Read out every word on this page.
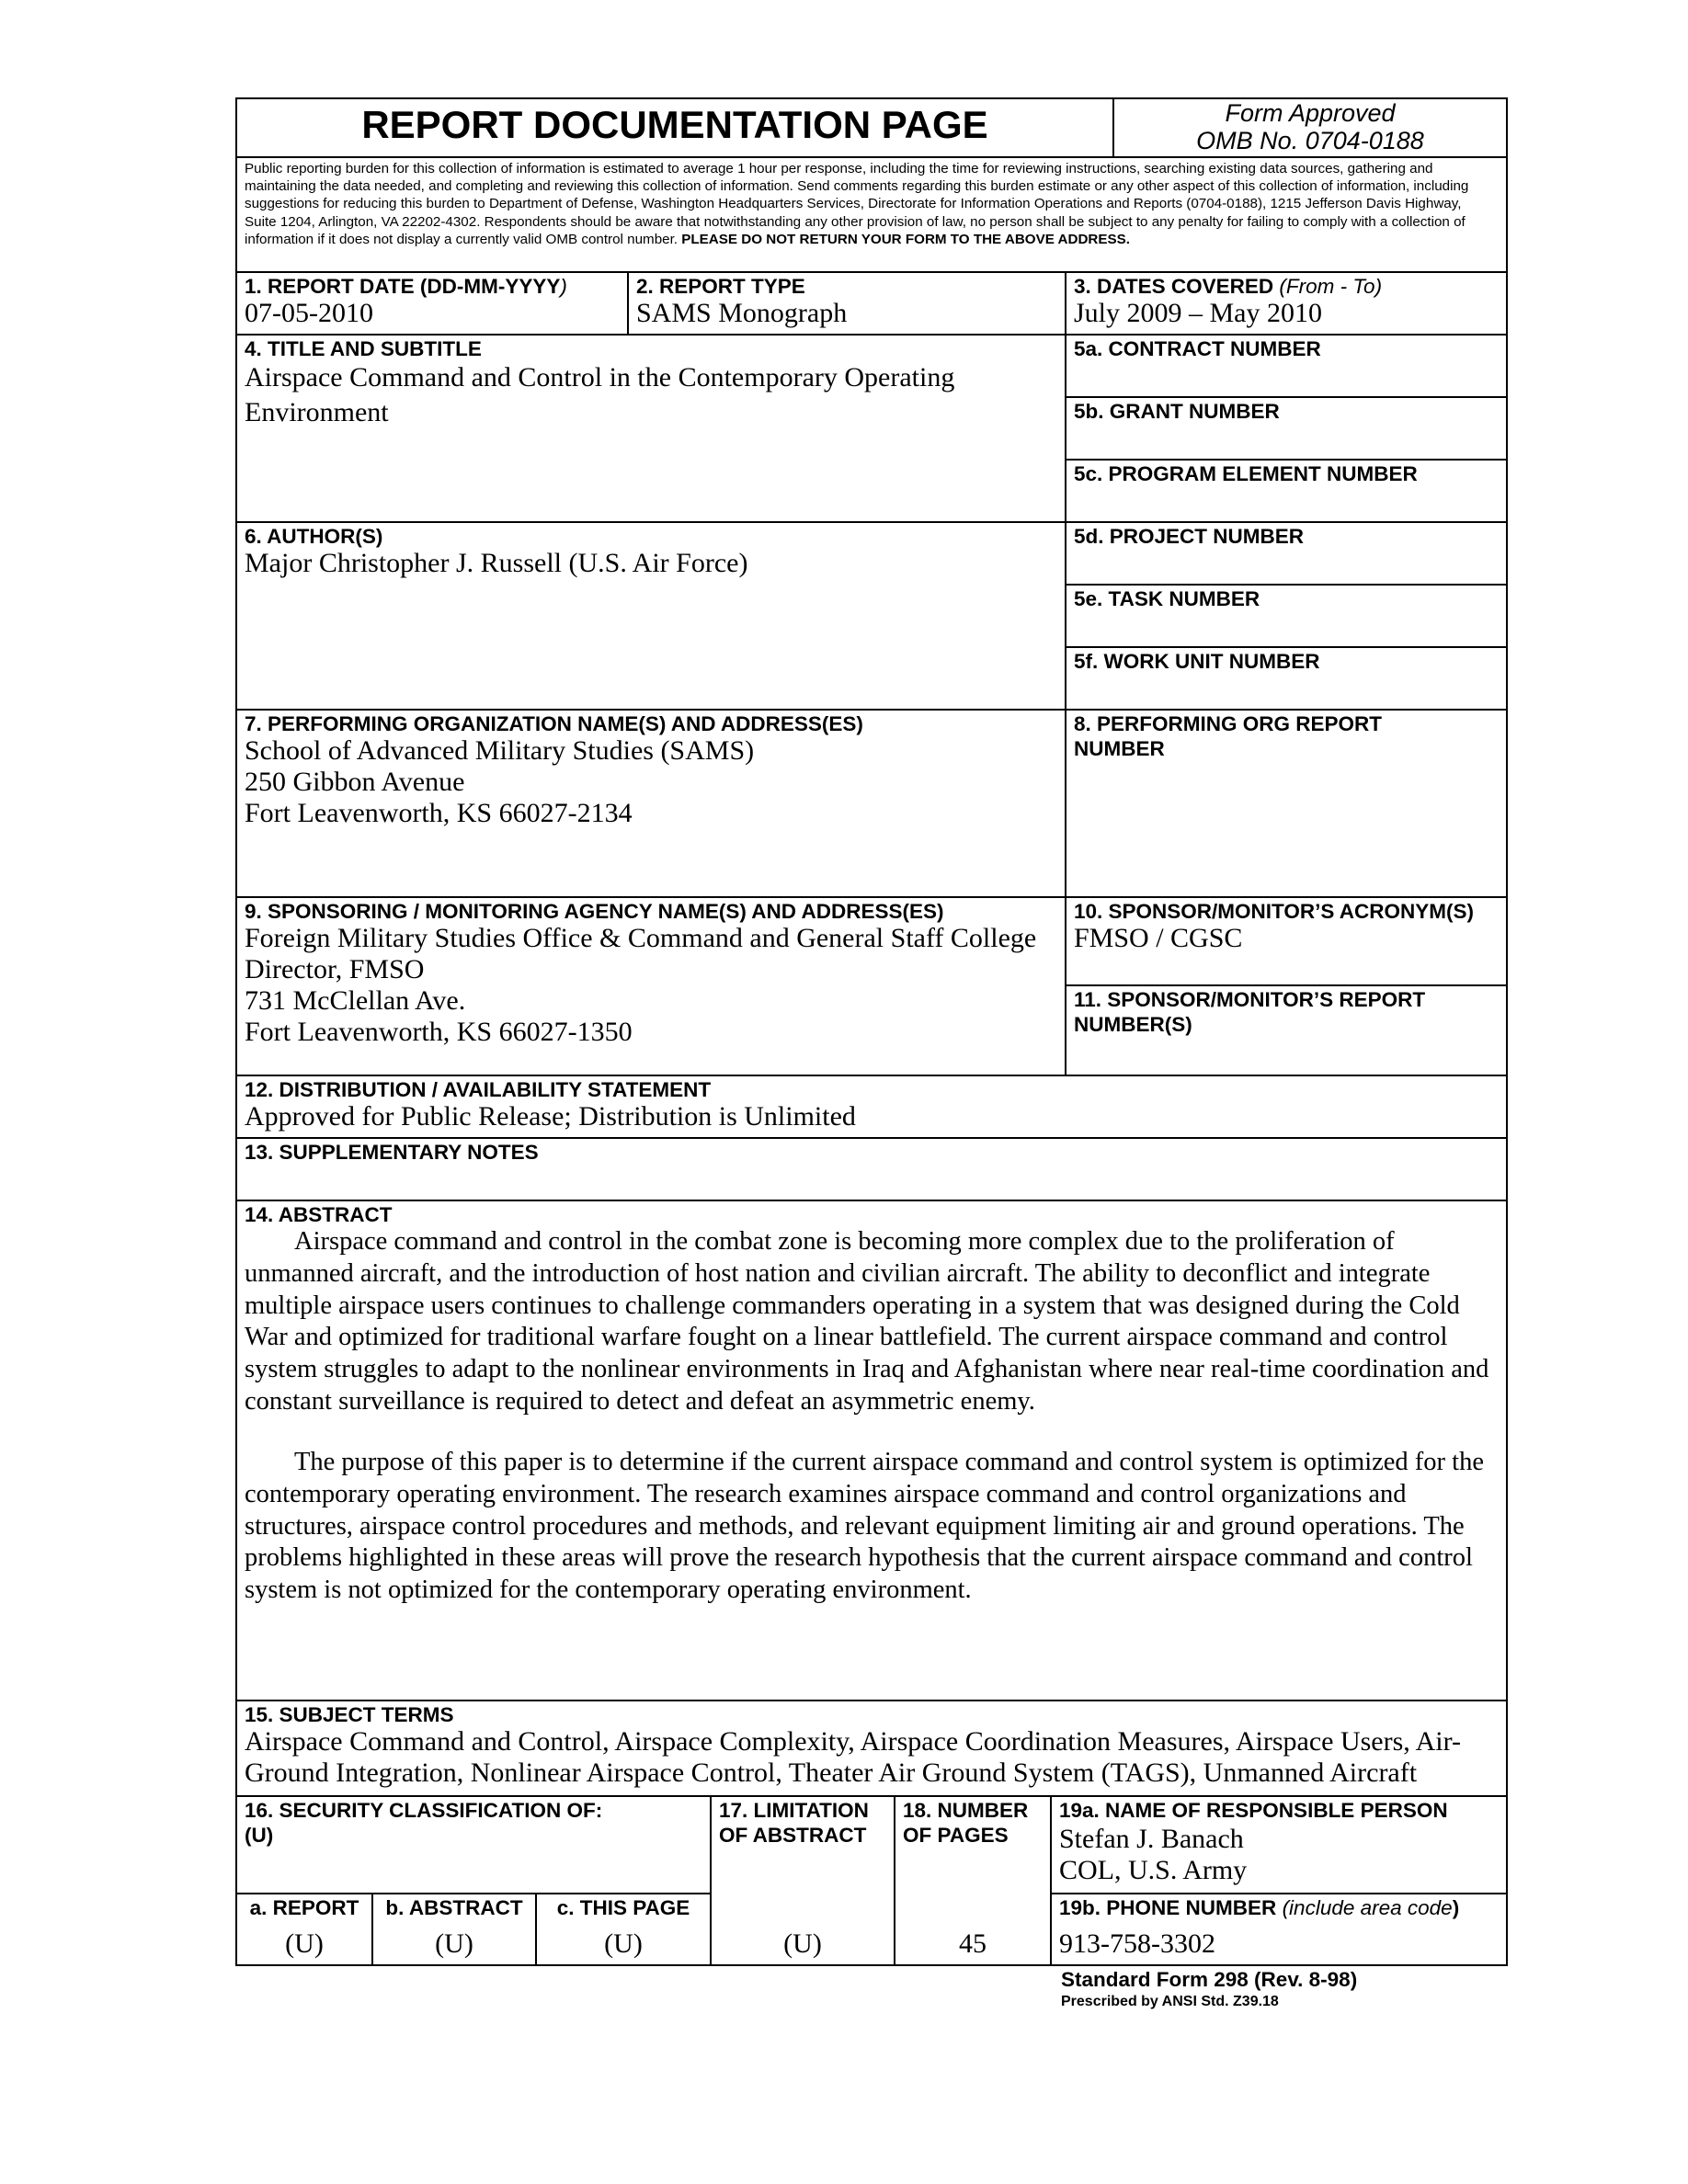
REPORT DOCUMENTATION PAGE	Form Approved
OMB No. 0704-0188
Public reporting burden for this collection of information is estimated to average 1 hour per response, including the time for reviewing instructions, searching existing data sources, gathering and maintaining the data needed, and completing and reviewing this collection of information. Send comments regarding this burden estimate or any other aspect of this collection of information, including suggestions for reducing this burden to Department of Defense, Washington Headquarters Services, Directorate for Information Operations and Reports (0704-0188), 1215 Jefferson Davis Highway, Suite 1204, Arlington, VA 22202-4302. Respondents should be aware that notwithstanding any other provision of law, no person shall be subject to any penalty for failing to comply with a collection of information if it does not display a currently valid OMB control number. PLEASE DO NOT RETURN YOUR FORM TO THE ABOVE ADDRESS.
1. REPORT DATE (DD-MM-YYYY)
07-05-2010
2. REPORT TYPE
SAMS Monograph
3. DATES COVERED (From - To)
July 2009 – May 2010
4. TITLE AND SUBTITLE
Airspace Command and Control in the Contemporary Operating
Environment
5a. CONTRACT NUMBER
5b. GRANT NUMBER
5c. PROGRAM ELEMENT NUMBER
6. AUTHOR(S)
Major Christopher J. Russell (U.S. Air Force)
5d. PROJECT NUMBER
5e. TASK NUMBER
5f. WORK UNIT NUMBER
7. PERFORMING ORGANIZATION NAME(S) AND ADDRESS(ES)
School of Advanced Military Studies (SAMS)
250 Gibbon Avenue
Fort Leavenworth, KS 66027-2134
8. PERFORMING ORG REPORT
NUMBER
9. SPONSORING / MONITORING AGENCY NAME(S) AND ADDRESS(ES)
Foreign Military Studies Office & Command and General Staff College
Director, FMSO
731 McClellan Ave.
Fort Leavenworth, KS 66027-1350
10. SPONSOR/MONITOR’S ACRONYM(S)
FMSO / CGSC
11. SPONSOR/MONITOR’S REPORT
NUMBER(S)
12. DISTRIBUTION / AVAILABILITY STATEMENT
Approved for Public Release; Distribution is Unlimited
13. SUPPLEMENTARY NOTES
14. ABSTRACT
Airspace command and control in the combat zone is becoming more complex due to the proliferation of unmanned aircraft, and the introduction of host nation and civilian aircraft. The ability to deconflict and integrate multiple airspace users continues to challenge commanders operating in a system that was designed during the Cold War and optimized for traditional warfare fought on a linear battlefield. The current airspace command and control system struggles to adapt to the nonlinear environments in Iraq and Afghanistan where near real-time coordination and constant surveillance is required to detect and defeat an asymmetric enemy.
The purpose of this paper is to determine if the current airspace command and control system is optimized for the contemporary operating environment. The research examines airspace command and control organizations and structures, airspace control procedures and methods, and relevant equipment limiting air and ground operations. The problems highlighted in these areas will prove the research hypothesis that the current airspace command and control system is not optimized for the contemporary operating environment.
15. SUBJECT TERMS
Airspace Command and Control, Airspace Complexity, Airspace Coordination Measures, Airspace Users, Air-
Ground Integration, Nonlinear Airspace Control, Theater Air Ground System (TAGS), Unmanned Aircraft
16. SECURITY CLASSIFICATION OF:
(U)
a. REPORT
(U)
b. ABSTRACT
(U)
c. THIS PAGE
(U)
17. LIMITATION
OF ABSTRACT
(U)
18. NUMBER
OF PAGES
45
19a. NAME OF RESPONSIBLE PERSON
Stefan J. Banach
COL, U.S. Army
19b. PHONE NUMBER (include area code)
913-758-3302
Standard Form 298 (Rev. 8-98)
Prescribed by ANSI Std. Z39.18
